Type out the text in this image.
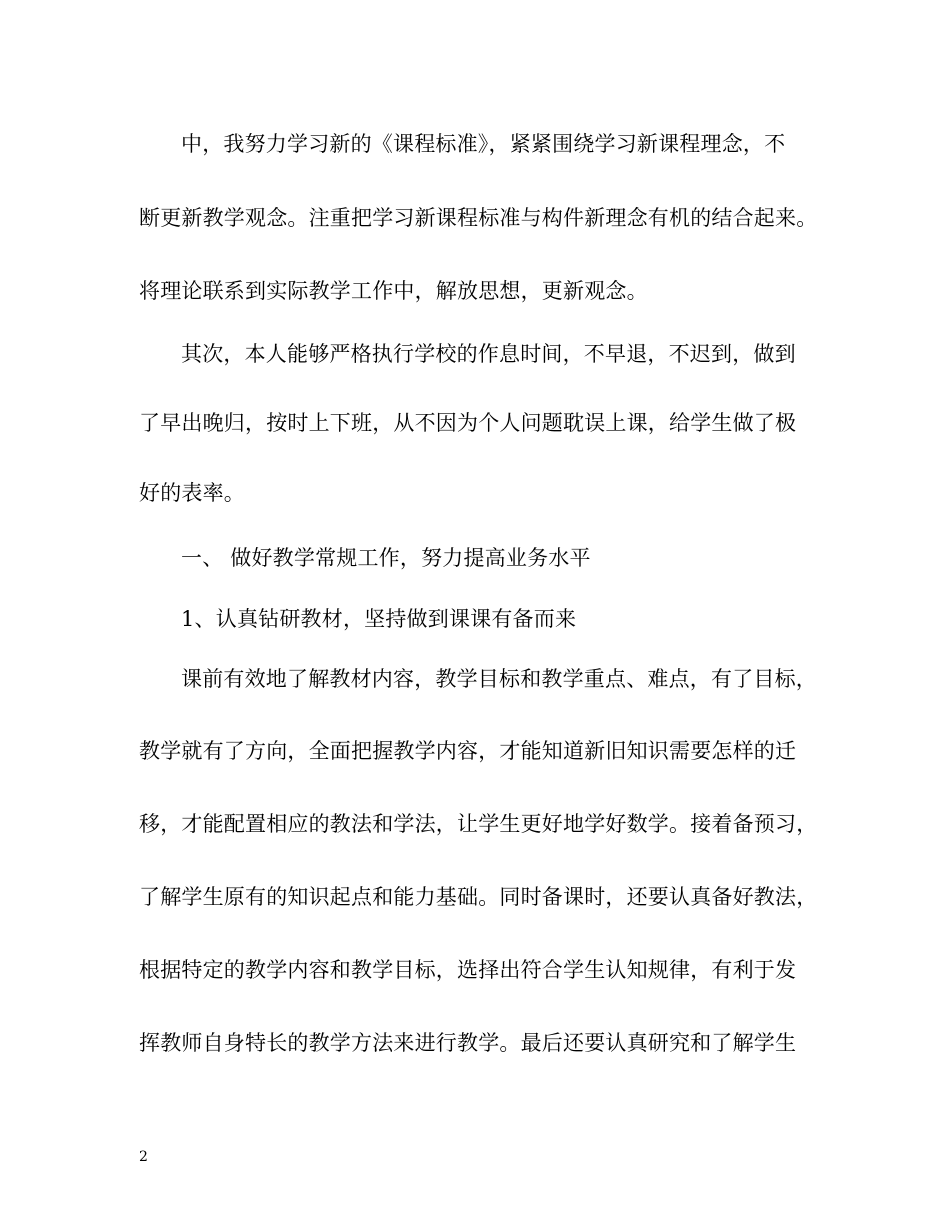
中，我努力学习新的《课程标准》，紧紧围绕学习新课程理念，不
断更新教学观念。注重把学习新课程标准与构件新理念有机的结合起来。
将理论联系到实际教学工作中，解放思想，更新观念。
其次，本人能够严格执行学校的作息时间，不早退，不迟到，做到
了早出晚归，按时上下班，从不因为个人问题耽误上课，给学生做了极
好的表率。
一、 做好教学常规工作，努力提高业务水平
1、认真钻研教材，坚持做到课课有备而来
课前有效地了解教材内容，教学目标和教学重点、难点，有了目标，
教学就有了方向，全面把握教学内容，才能知道新旧知识需要怎样的迁
移，才能配置相应的教法和学法，让学生更好地学好数学。接着备预习，
了解学生原有的知识起点和能力基础。同时备课时，还要认真备好教法，
根据特定的教学内容和教学目标，选择出符合学生认知规律，有利于发
挥教师自身特长的教学方法来进行教学。最后还要认真研究和了解学生
2
